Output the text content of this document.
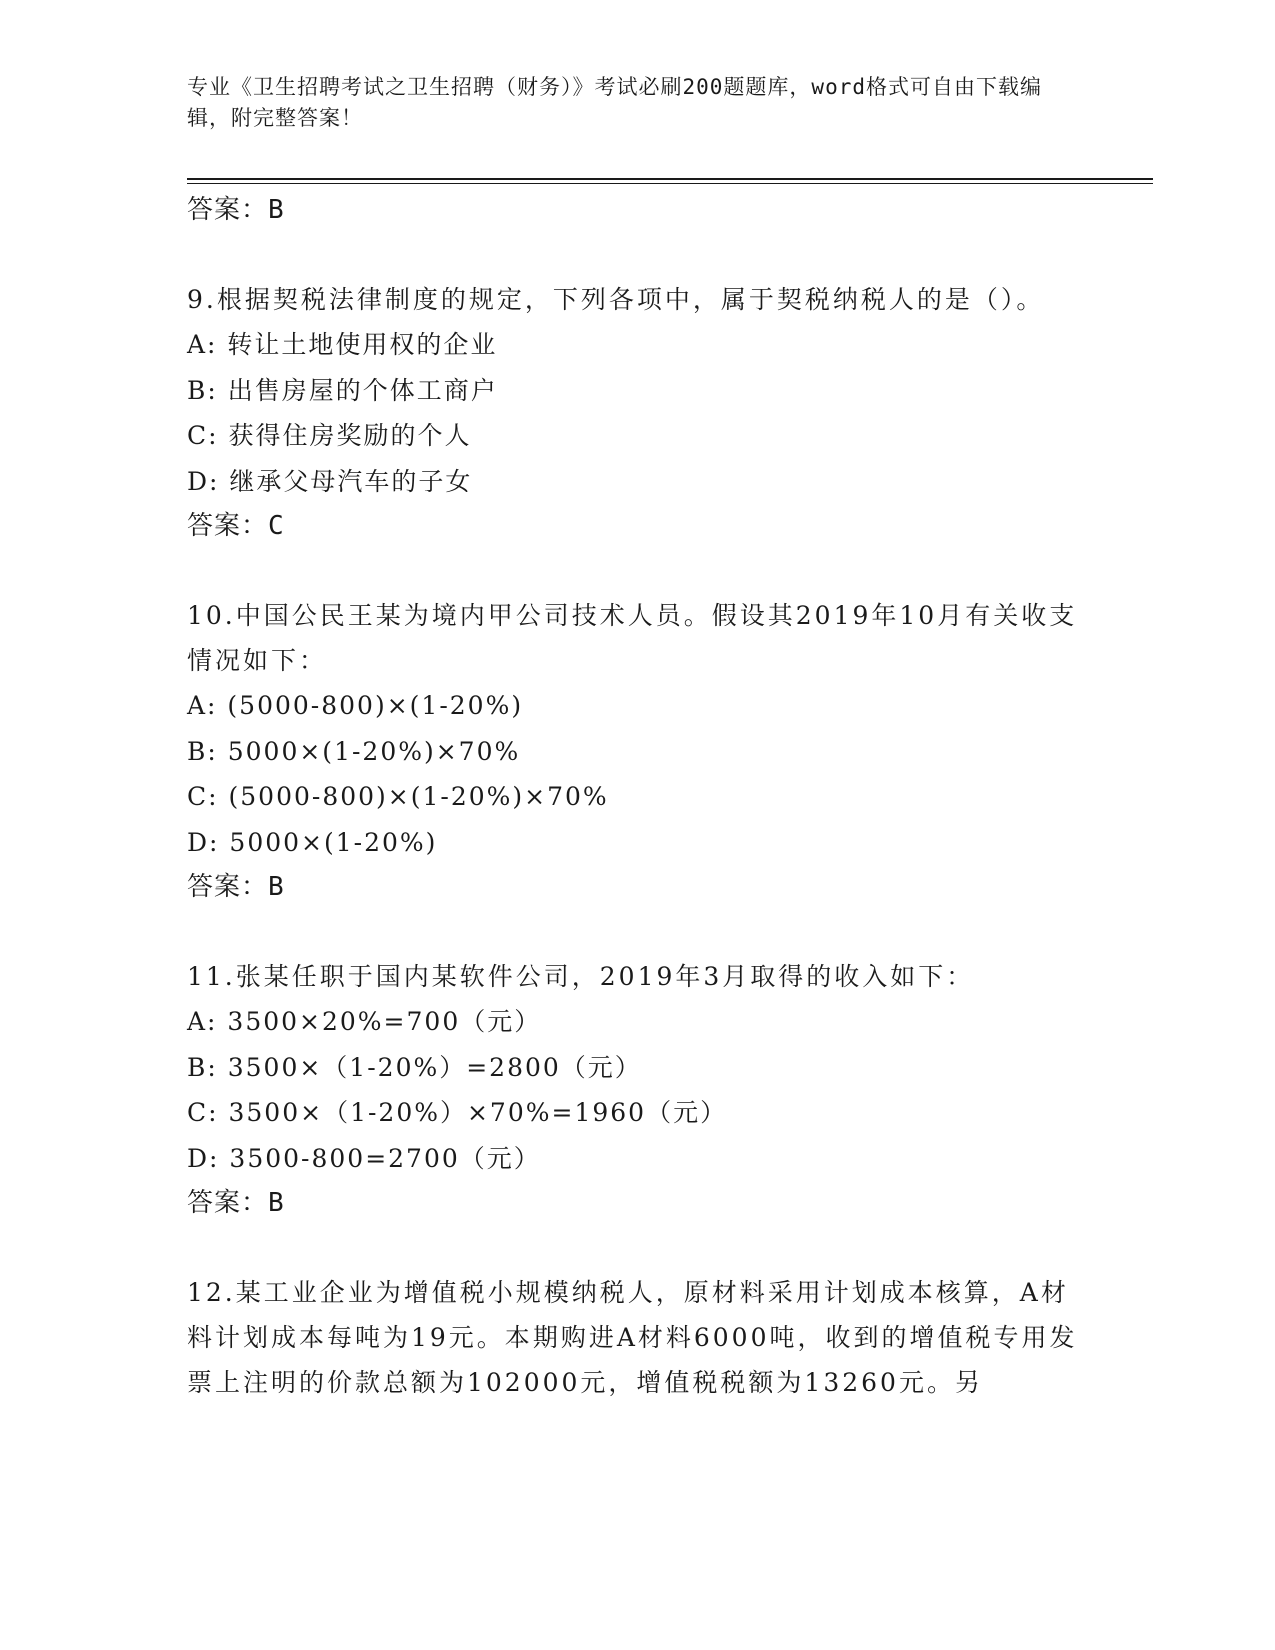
专业《卫生招聘考试之卫生招聘（财务）》考试必刷200题题库，word格式可自由下载编辑，附完整答案！

答案：B

9.根据契税法律制度的规定，下列各项中，属于契税纳税人的是（）。

A: 转让土地使用权的企业

B: 出售房屋的个体工商户

C: 获得住房奖励的个人

D: 继承父母汽车的子女

答案：C

10.中国公民王某为境内甲公司技术人员。假设其2019年10月有关收支情况如下：

A: (5000-800)×(1-20%)

B: 5000×(1-20%)×70%

C: (5000-800)×(1-20%)×70%

D: 5000×(1-20%)

答案：B

11.张某任职于国内某软件公司，2019年3月取得的收入如下：

A: 3500×20%=700（元）

B: 3500×（1-20%）=2800（元）

C: 3500×（1-20%）×70%=1960（元）

D: 3500-800=2700（元）

答案：B

12.某工业企业为增值税小规模纳税人，原材料采用计划成本核算，A材料计划成本每吨为19元。本期购进A材料6000吨，收到的增值税专用发票上注明的价款总额为102000元，增值税税额为13260元。另
